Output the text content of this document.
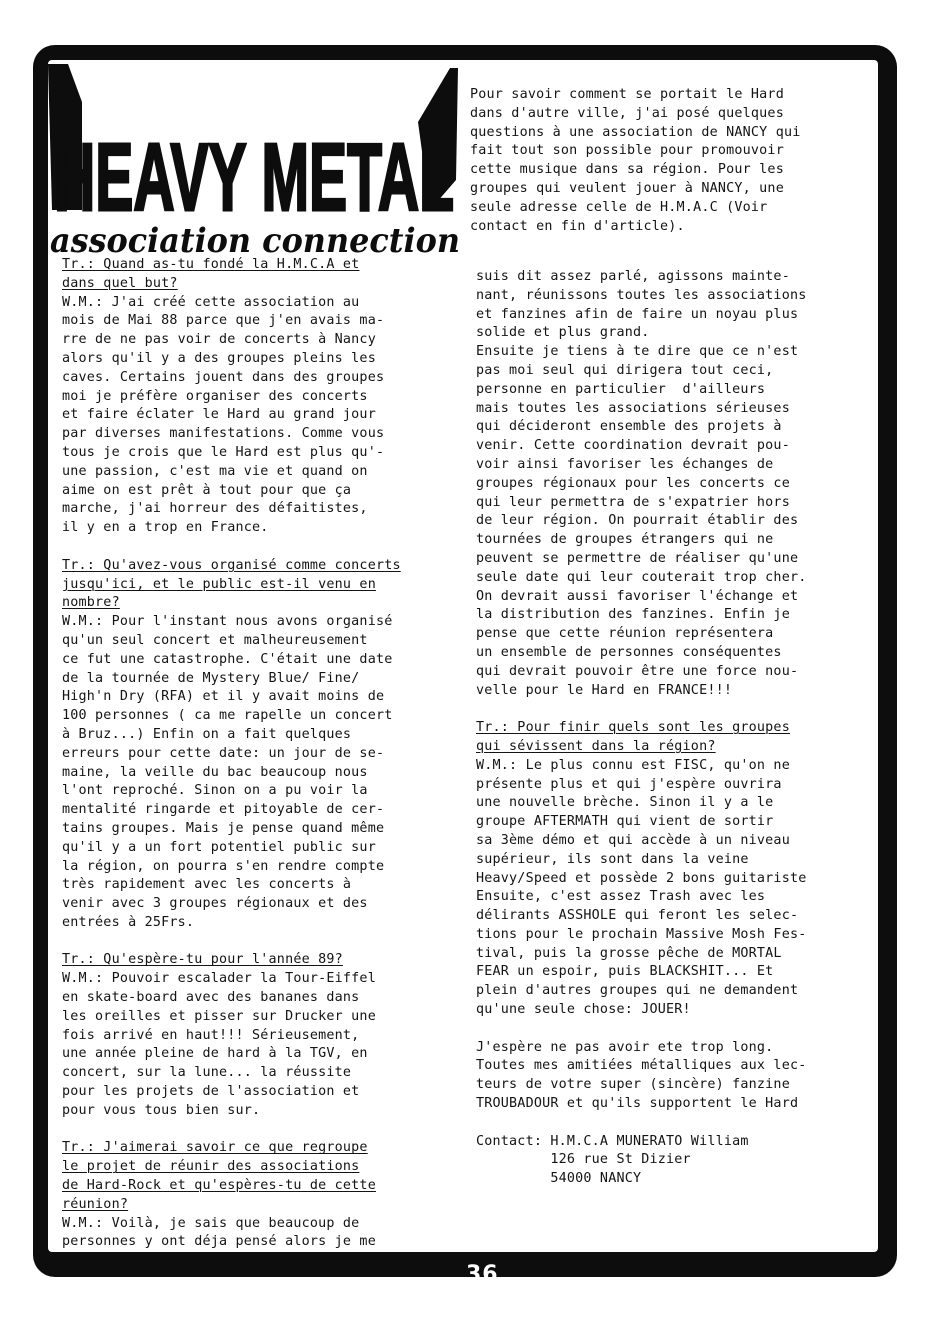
HEAVY METAL
association connection
Pour savoir comment se portait le Hard
dans d'autre ville, j'ai posé quelques
questions à une association de NANCY qui
fait tout son possible pour promouvoir
cette musique dans sa région. Pour les
groupes qui veulent jouer à NANCY, une
seule adresse celle de H.M.A.C (Voir
contact en fin d'article).
Tr.: Quand as-tu fondé la H.M.C.A et
dans quel but?
W.M.: J'ai créé cette association au
mois de Mai 88 parce que j'en avais ma-
rre de ne pas voir de concerts à Nancy
alors qu'il y a des groupes pleins les
caves. Certains jouent dans des groupes
moi je préfère organiser des concerts
et faire éclater le Hard au grand jour
par diverses manifestations. Comme vous
tous je crois que le Hard est plus qu'-
une passion, c'est ma vie et quand on
aime on est prêt à tout pour que ça
marche, j'ai horreur des défaitistes,
il y en a trop en France.
Tr.: Qu'avez-vous organisé comme concerts
jusqu'ici, et le public est-il venu en
nombre?
W.M.: Pour l'instant nous avons organisé
qu'un seul concert et malheureusement
ce fut une catastrophe. C'était une date
de la tournée de Mystery Blue/ Fine/
High'n Dry (RFA) et il y avait moins de
100 personnes ( ca me rapelle un concert
à Bruz...) Enfin on a fait quelques
erreurs pour cette date: un jour de se-
maine, la veille du bac beaucoup nous
l'ont reproché. Sinon on a pu voir la
mentalité ringarde et pitoyable de cer-
tains groupes. Mais je pense quand même
qu'il y a un fort potentiel public sur
la région, on pourra s'en rendre compte
très rapidement avec les concerts à
venir avec 3 groupes régionaux et des
entrées à 25Frs.
Tr.: Qu'espère-tu pour l'année 89?
W.M.: Pouvoir escalader la Tour-Eiffel
en skate-board avec des bananes dans
les oreilles et pisser sur Drucker une
fois arrivé en haut!!! Sérieusement,
une année pleine de hard à la TGV, en
concert, sur la lune... la réussite
pour les projets de l'association et
pour vous tous bien sur.
Tr.: J'aimerai savoir ce que regroupe
le projet de réunir des associations
de Hard-Rock et qu'espères-tu de cette
réunion?
W.M.: Voilà, je sais que beaucoup de
personnes y ont déja pensé alors je me
suis dit assez parlé, agissons mainte-
nant, réunissons toutes les associations
et fanzines afin de faire un noyau plus
solide et plus grand.
Ensuite je tiens à te dire que ce n'est
pas moi seul qui dirigera tout ceci,
personne en particulier  d'ailleurs
mais toutes les associations sérieuses
qui décideront ensemble des projets à
venir. Cette coordination devrait pou-
voir ainsi favoriser les échanges de
groupes régionaux pour les concerts ce
qui leur permettra de s'expatrier hors
de leur région. On pourrait établir des
tournées de groupes étrangers qui ne
peuvent se permettre de réaliser qu'une
seule date qui leur couterait trop cher.
On devrait aussi favoriser l'échange et
la distribution des fanzines. Enfin je
pense que cette réunion représentera
un ensemble de personnes conséquentes
qui devrait pouvoir être une force nou-
velle pour le Hard en FRANCE!!!
Tr.: Pour finir quels sont les groupes
qui sévissent dans la région?
W.M.: Le plus connu est FISC, qu'on ne
présente plus et qui j'espère ouvrira
une nouvelle brèche. Sinon il y a le
groupe AFTERMATH qui vient de sortir
sa 3ème démo et qui accède à un niveau
supérieur, ils sont dans la veine
Heavy/Speed et possède 2 bons guitariste
Ensuite, c'est assez Trash avec les
délirants ASSHOLE qui feront les selec-
tions pour le prochain Massive Mosh Fes-
tival, puis la grosse pêche de MORTAL
FEAR un espoir, puis BLACKSHIT... Et
plein d'autres groupes qui ne demandent
qu'une seule chose: JOUER!
J'espère ne pas avoir ete trop long.
Toutes mes amitiées métalliques aux lec-
teurs de votre super (sincère) fanzine
TROUBADOUR et qu'ils supportent le Hard
Contact: H.M.C.A MUNERATO William
126 rue St Dizier
54000 NANCY
36
